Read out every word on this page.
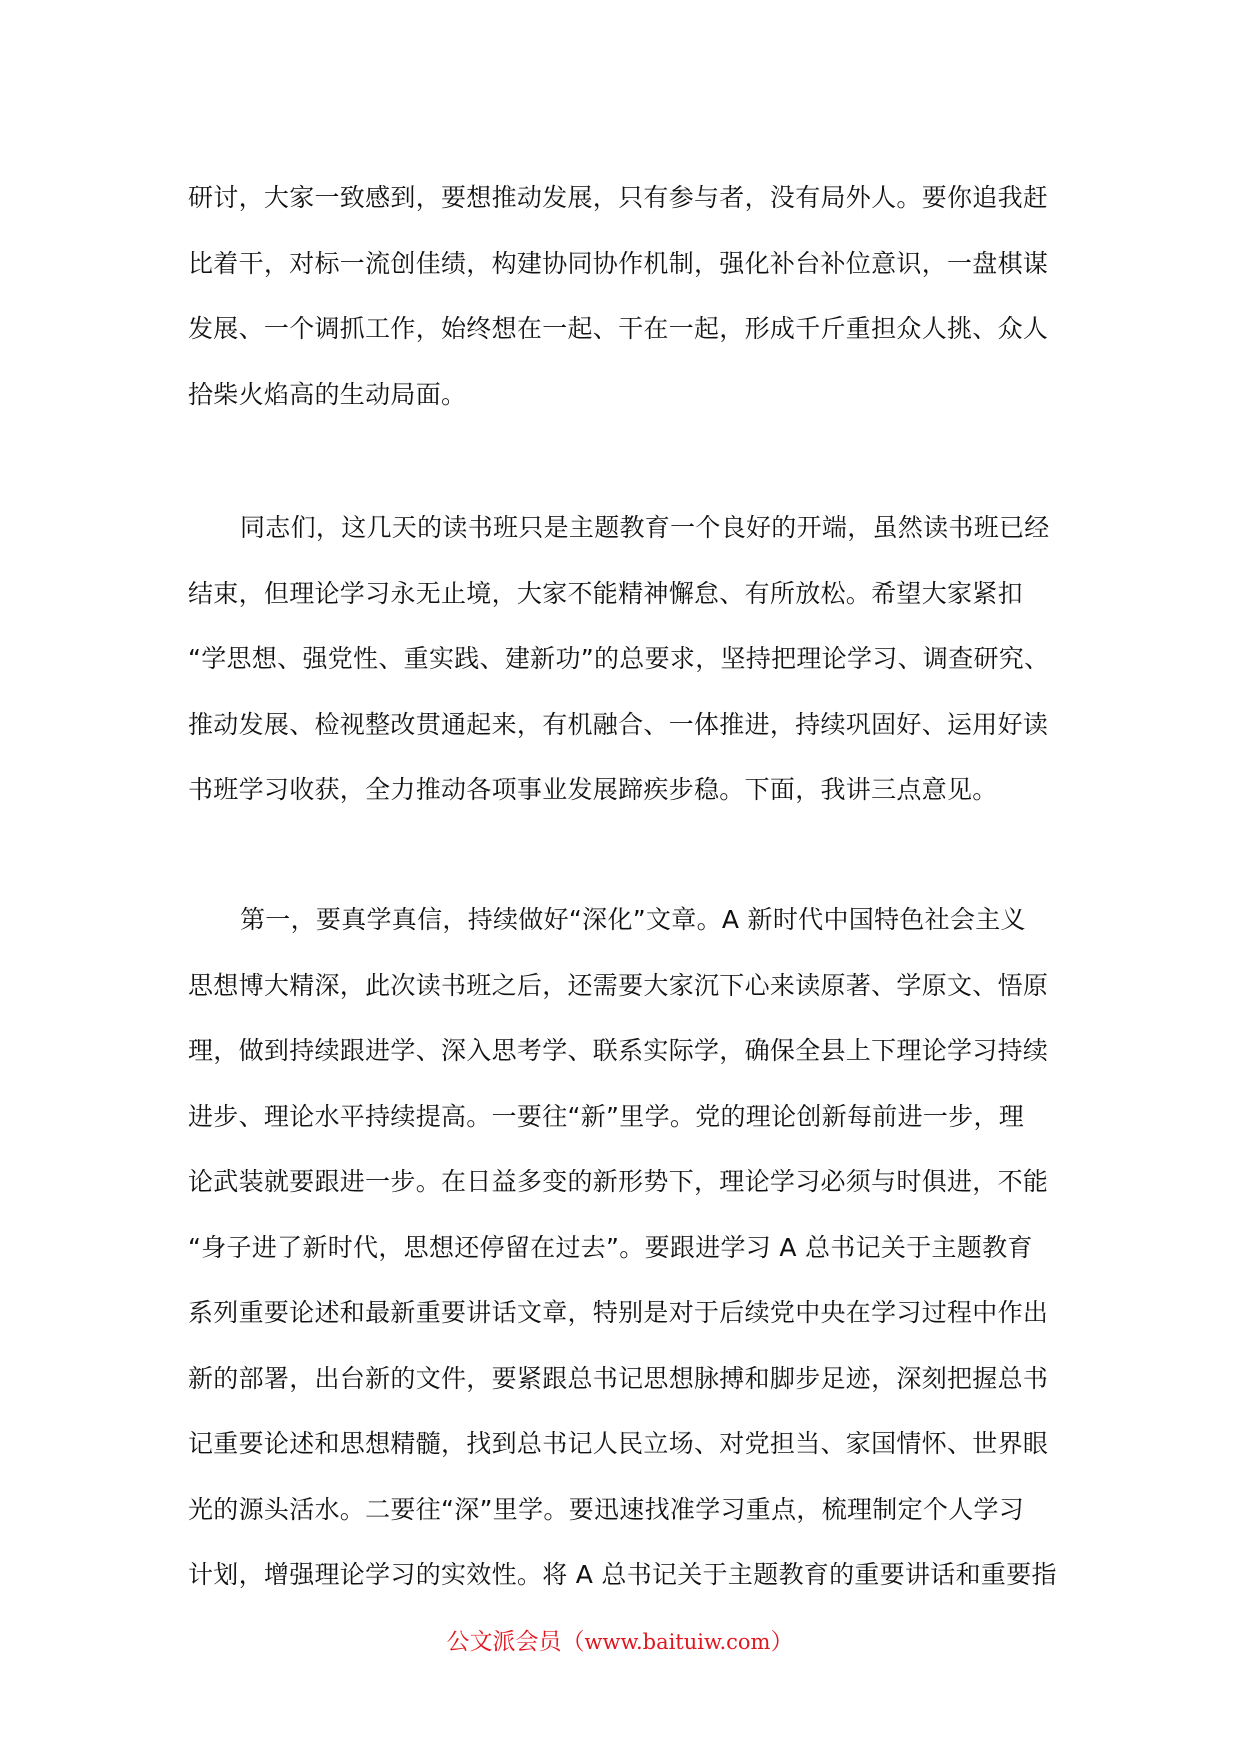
研讨，大家一致感到，要想推动发展，只有参与者，没有局外人。要你追我赶
比着干，对标一流创佳绩，构建协同协作机制，强化补台补位意识，一盘棋谋
发展、一个调抓工作，始终想在一起、干在一起，形成千斤重担众人挑、众人
拾柴火焰高的生动局面。
同志们，这几天的读书班只是主题教育一个良好的开端，虽然读书班已经
结束，但理论学习永无止境，大家不能精神懈怠、有所放松。希望大家紧扣
“学思想、强党性、重实践、建新功”的总要求，坚持把理论学习、调查研究、
推动发展、检视整改贯通起来，有机融合、一体推进，持续巩固好、运用好读
书班学习收获，全力推动各项事业发展蹄疾步稳。下面，我讲三点意见。
第一，要真学真信，持续做好“深化”文章。A 新时代中国特色社会主义
思想博大精深，此次读书班之后，还需要大家沉下心来读原著、学原文、悟原
理，做到持续跟进学、深入思考学、联系实际学，确保全县上下理论学习持续
进步、理论水平持续提高。一要往“新”里学。党的理论创新每前进一步，理
论武装就要跟进一步。在日益多变的新形势下，理论学习必须与时俱进，不能
“身子进了新时代，思想还停留在过去”。要跟进学习 A 总书记关于主题教育
系列重要论述和最新重要讲话文章，特别是对于后续党中央在学习过程中作出
新的部署，出台新的文件，要紧跟总书记思想脉搏和脚步足迹，深刻把握总书
记重要论述和思想精髓，找到总书记人民立场、对党担当、家国情怀、世界眼
光的源头活水。二要往“深”里学。要迅速找准学习重点，梳理制定个人学习
计划，增强理论学习的实效性。将 A 总书记关于主题教育的重要讲话和重要指
公文派会员（www.baituiw.com）
